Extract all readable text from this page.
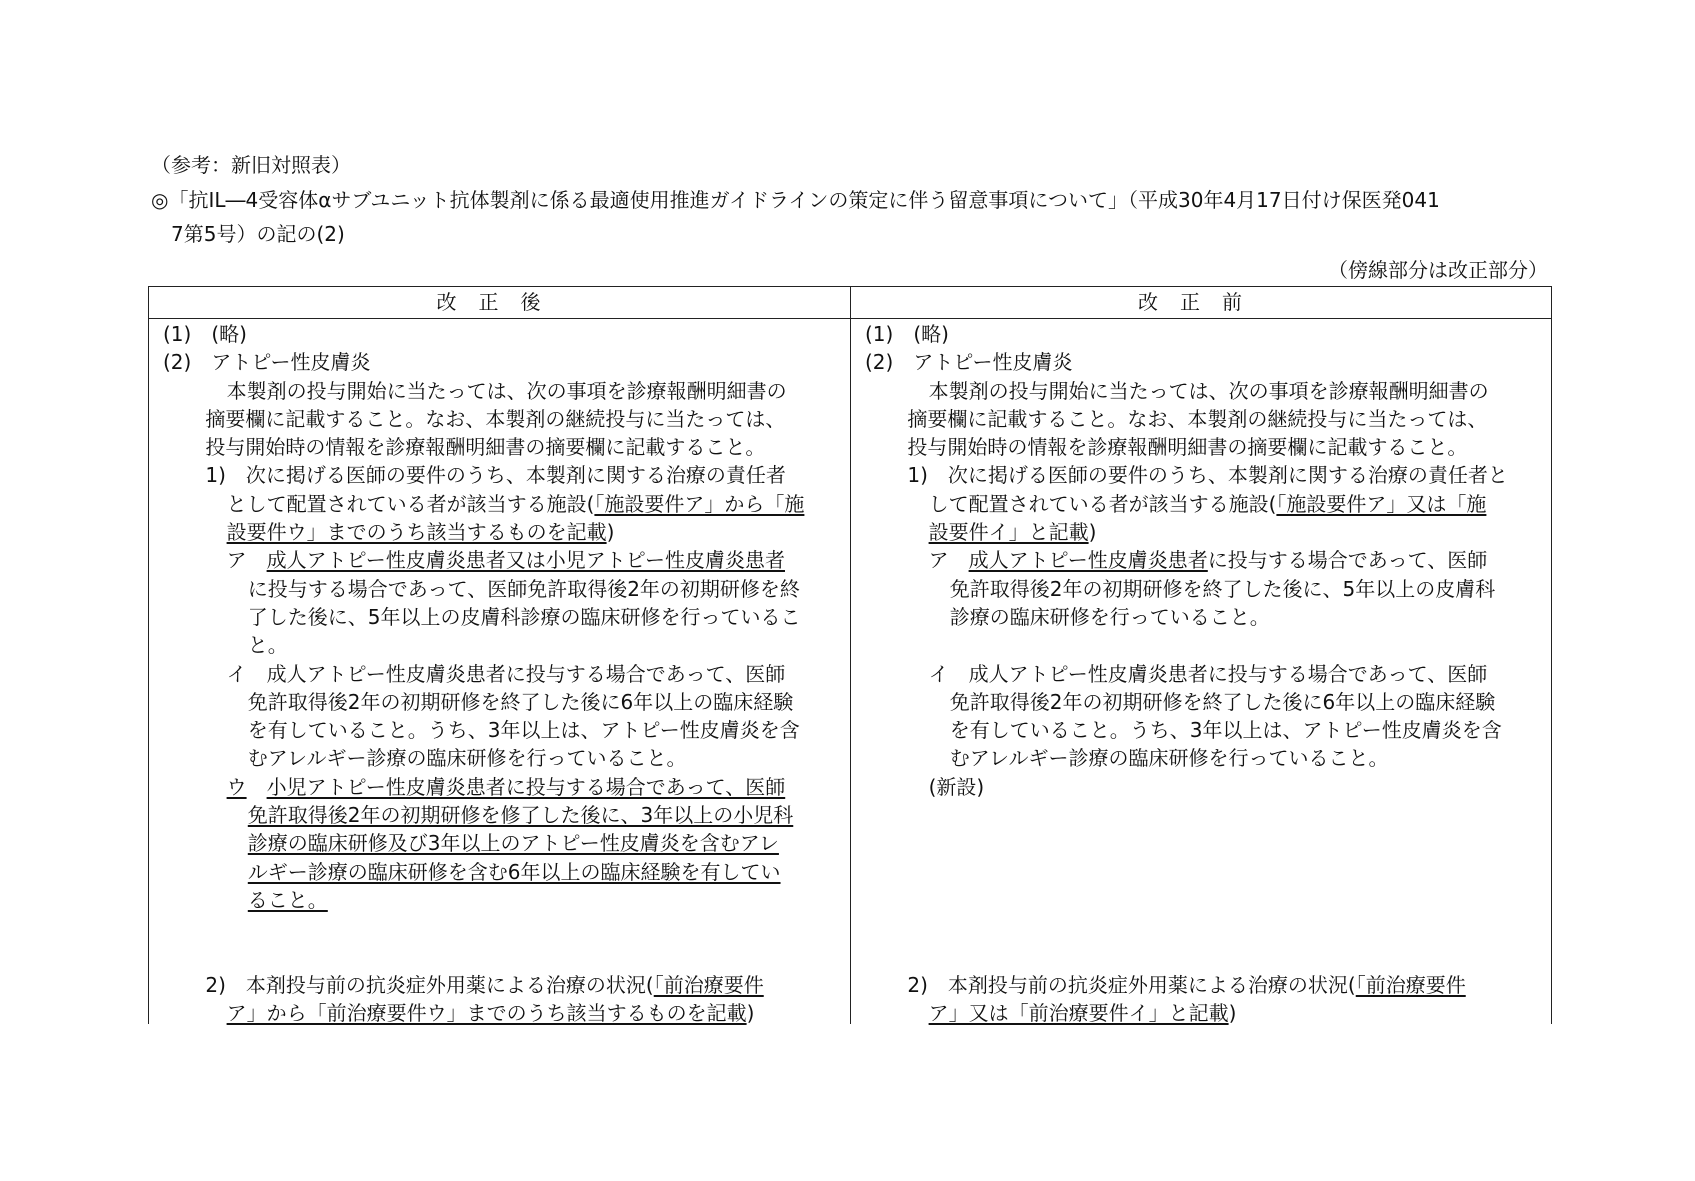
（参考：新旧対照表）
◎「抗IL―4受容体αサブユニット抗体製剤に係る最適使用推進ガイドラインの策定に伴う留意事項について」（平成30年4月17日付け保医発041
7第5号）の記の(2)
（傍線部分は改正部分）
改正後	改正前
(1)　(略)
(2)　アトピー性皮膚炎
本製剤の投与開始に当たっては、次の事項を診療報酬明細書の
摘要欄に記載すること。なお、本製剤の継続投与に当たっては、
投与開始時の情報を診療報酬明細書の摘要欄に記載すること。
1)　次に掲げる医師の要件のうち、本製剤に関する治療の責任者
として配置されている者が該当する施設(「施設要件ア」から「施
設要件ウ」までのうち該当するものを記載)
ア　成人アトピー性皮膚炎患者又は小児アトピー性皮膚炎患者
に投与する場合であって、医師免許取得後2年の初期研修を終
了した後に、5年以上の皮膚科診療の臨床研修を行っているこ
と。
イ　成人アトピー性皮膚炎患者に投与する場合であって、医師
免許取得後2年の初期研修を終了した後に6年以上の臨床経験
を有していること。うち、3年以上は、アトピー性皮膚炎を含
むアレルギー診療の臨床研修を行っていること。
ウ　 小児アトピー性皮膚炎患者に投与する場合であって、医師
免許取得後2年の初期研修を修了した後に、3年以上の小児科
診療の臨床研修及び3年以上のアトピー性皮膚炎を含むアレ
ルギー診療の臨床研修を含む6年以上の臨床経験を有してい
ること。
2)　本剤投与前の抗炎症外用薬による治療の状況(「前治療要件
ア」から「前治療要件ウ」までのうち該当するものを記載)
(1)　(略)
(2)　アトピー性皮膚炎
本製剤の投与開始に当たっては、次の事項を診療報酬明細書の
摘要欄に記載すること。なお、本製剤の継続投与に当たっては、
投与開始時の情報を診療報酬明細書の摘要欄に記載すること。
1)　次に掲げる医師の要件のうち、本製剤に関する治療の責任者と
して配置されている者が該当する施設(「施設要件ア」又は「施
設要件イ」と記載)
ア　成人アトピー性皮膚炎患者に投与する場合であって、医師
免許取得後2年の初期研修を終了した後に、5年以上の皮膚科
診療の臨床研修を行っていること。
イ　成人アトピー性皮膚炎患者に投与する場合であって、医師
免許取得後2年の初期研修を終了した後に6年以上の臨床経験
を有していること。うち、3年以上は、アトピー性皮膚炎を含
むアレルギー診療の臨床研修を行っていること。
(新設)
2)　本剤投与前の抗炎症外用薬による治療の状況(「前治療要件
ア」又は「前治療要件イ」と記載)
